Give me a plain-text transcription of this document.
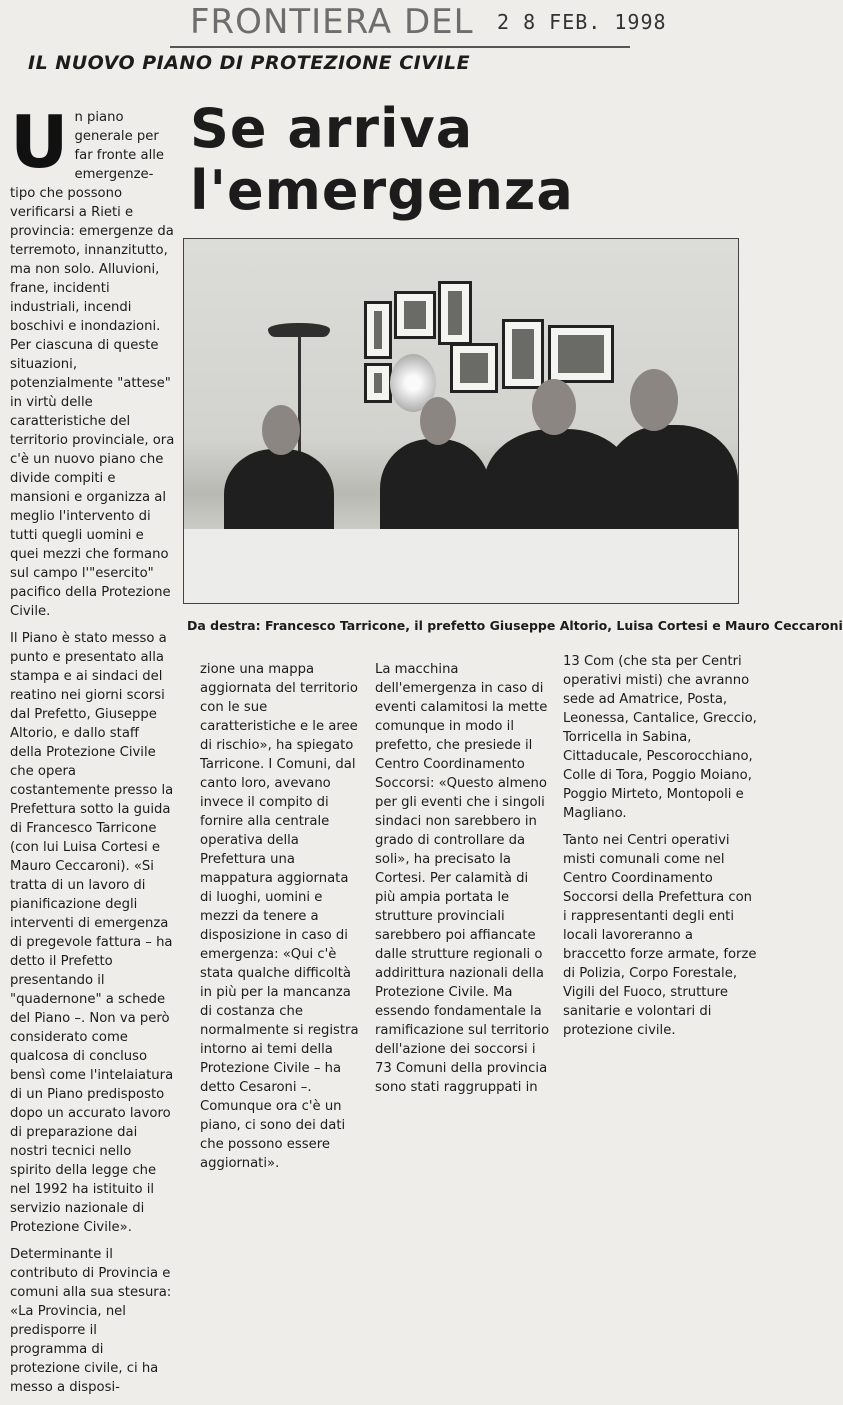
FRONTIERA DEL 2 8 FEB. 1998
IL NUOVO PIANO DI PROTEZIONE CIVILE
Se arriva l'emergenza

Un piano generale per far fronte alle emergenze-tipo che possono verificarsi a Rieti e provincia: emergenze da terremoto, innanzitutto, ma non solo. Alluvioni, frane, incidenti industriali, incendi boschivi e inondazioni. Per ciascuna di queste situazioni, potenzialmente "attese" in virtù delle caratteristiche del territorio provinciale, ora c'è un nuovo piano che divide compiti e mansioni e organizza al meglio l'intervento di tutti quegli uomini e quei mezzi che formano sul campo l'"esercito" pacifico della Protezione Civile.

Il Piano è stato messo a punto e presentato alla stampa e ai sindaci del reatino nei giorni scorsi dal Prefetto, Giuseppe Altorio, e dallo staff della Protezione Civile che opera costantemente presso la Prefettura sotto la guida di Francesco Tarricone (con lui Luisa Cortesi e Mauro Ceccaroni). «Si tratta di un lavoro di pianificazione degli interventi di emergenza di pregevole fattura – ha detto il Prefetto presentando il "quadernone" a schede del Piano –. Non va però considerato come qualcosa di concluso bensì come l'intelaiatura di un Piano predisposto dopo un accurato lavoro di preparazione dai nostri tecnici nello spirito della legge che nel 1992 ha istituito il servizio nazionale di Protezione Civile».

Determinante il contributo di Provincia e comuni alla sua stesura: «La Provincia, nel predisporre il programma di protezione civile, ci ha messo a disposi-

Da destra: Francesco Tarricone, il prefetto Giuseppe Altorio, Luisa Cortesi e Mauro Ceccaroni

zione una mappa aggiornata del territorio con le sue caratteristiche e le aree di rischio», ha spiegato Tarricone. I Comuni, dal canto loro, avevano invece il compito di fornire alla centrale operativa della Prefettura una mappatura aggiornata di luoghi, uomini e mezzi da tenere a disposizione in caso di emergenza: «Qui c'è stata qualche difficoltà in più per la mancanza di costanza che normalmente si registra intorno ai temi della Protezione Civile – ha detto Cesaroni –. Comunque ora c'è un piano, ci sono dei dati che possono essere aggiornati».

La macchina dell'emergenza in caso di eventi calamitosi la mette comunque in modo il prefetto, che presiede il Centro Coordinamento Soccorsi: «Questo almeno per gli eventi che i singoli sindaci non sarebbero in grado di controllare da soli», ha precisato la Cortesi. Per calamità di più ampia portata le strutture provinciali sarebbero poi affiancate dalle strutture regionali o addirittura nazionali della Protezione Civile. Ma essendo fondamentale la ramificazione sul territorio dell'azione dei soccorsi i 73 Comuni della provincia sono stati raggruppati in

13 Com (che sta per Centri operativi misti) che avranno sede ad Amatrice, Posta, Leonessa, Cantalice, Greccio, Torricella in Sabina, Cittaducale, Pescorocchiano, Colle di Tora, Poggio Moiano, Poggio Mirteto, Montopoli e Magliano.

Tanto nei Centri operativi misti comunali come nel Centro Coordinamento Soccorsi della Prefettura con i rappresentanti degli enti locali lavoreranno a braccetto forze armate, forze di Polizia, Corpo Forestale, Vigili del Fuoco, strutture sanitarie e volontari di protezione civile.
